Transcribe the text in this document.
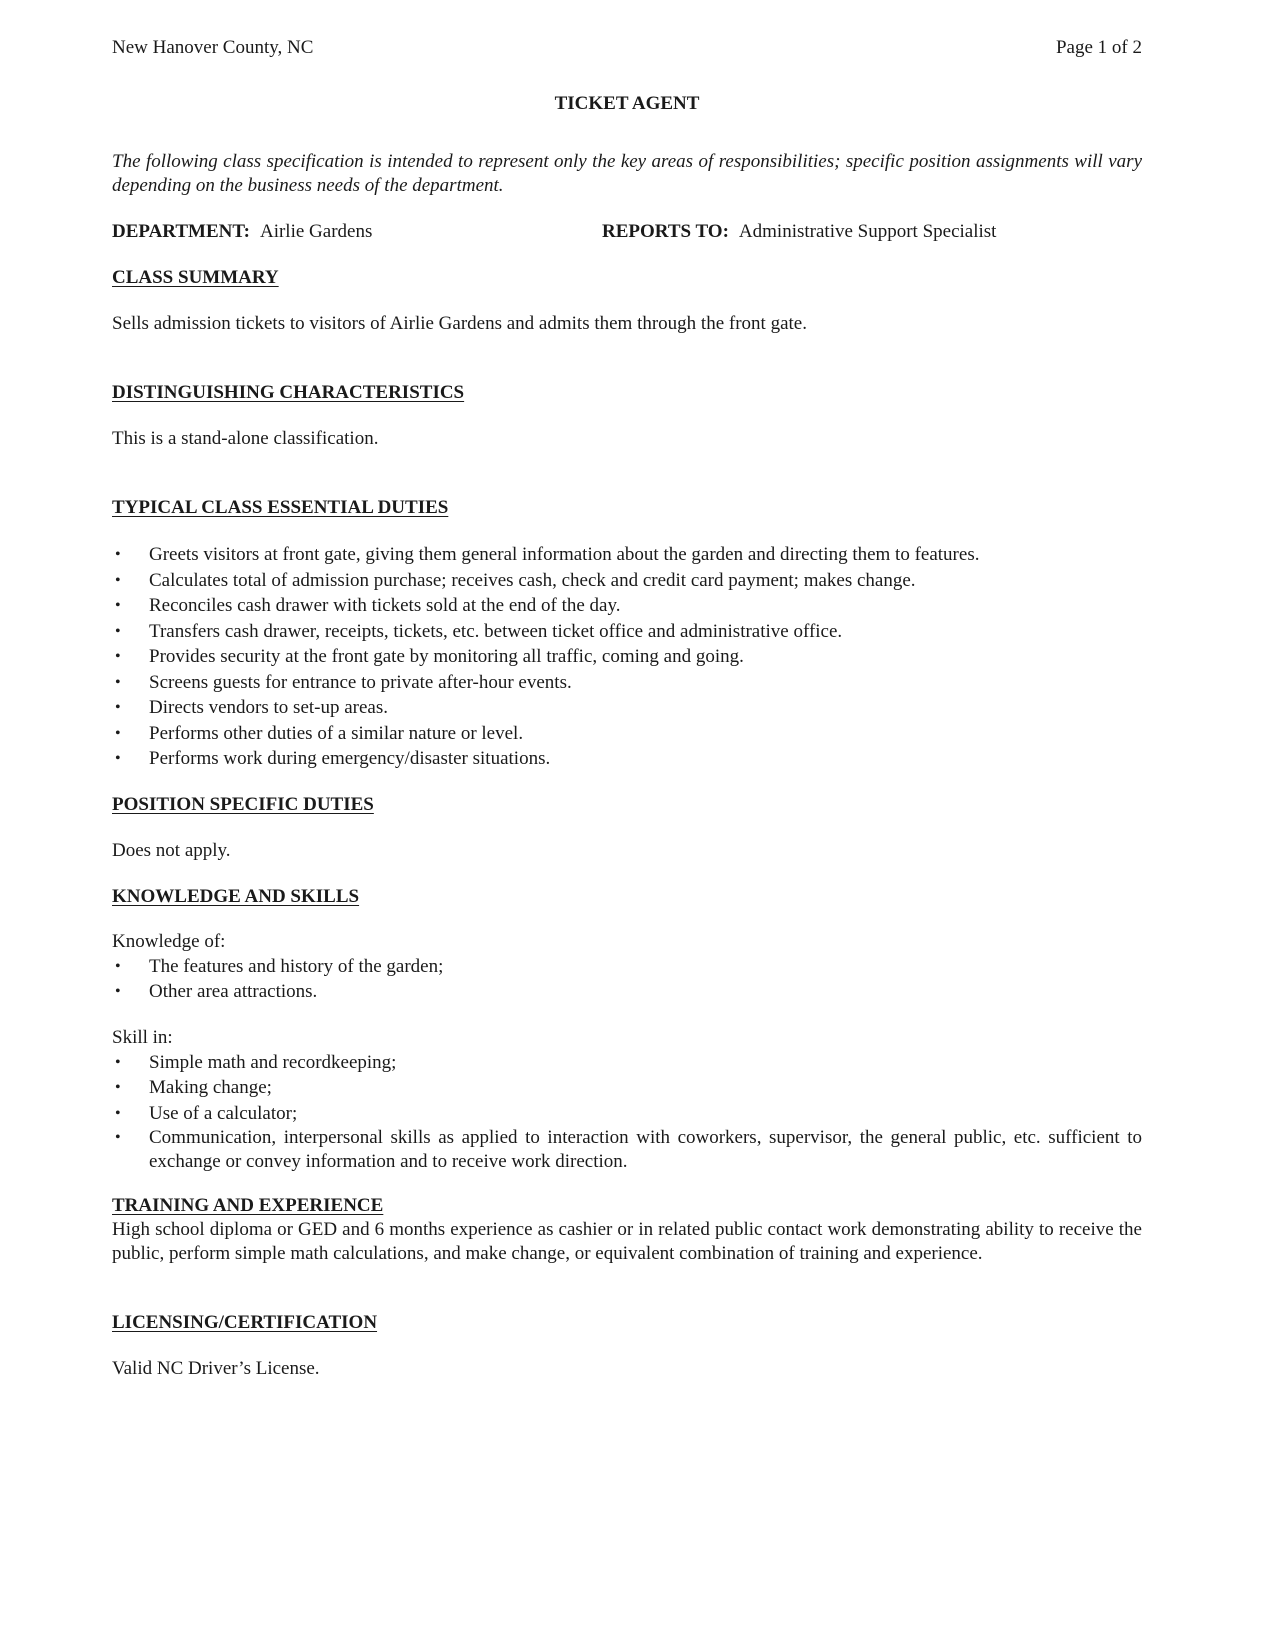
New Hanover County, NC	Page 1 of 2
TICKET AGENT
The following class specification is intended to represent only the key areas of responsibilities; specific position assignments will vary depending on the business needs of the department.
DEPARTMENT: Airlie Gardens	REPORTS TO: Administrative Support Specialist
CLASS SUMMARY

Sells admission tickets to visitors of Airlie Gardens and admits them through the front gate.

DISTINGUISHING CHARACTERISTICS

This is a stand-alone classification.

TYPICAL CLASS ESSENTIAL DUTIES
• Greets visitors at front gate, giving them general information about the garden and directing them to features.
• Calculates total of admission purchase; receives cash, check and credit card payment; makes change.
• Reconciles cash drawer with tickets sold at the end of the day.
• Transfers cash drawer, receipts, tickets, etc. between ticket office and administrative office.
• Provides security at the front gate by monitoring all traffic, coming and going.
• Screens guests for entrance to private after-hour events.
• Directs vendors to set-up areas.
• Performs other duties of a similar nature or level.
• Performs work during emergency/disaster situations.
POSITION SPECIFIC DUTIES

Does not apply.

KNOWLEDGE AND SKILLS

Knowledge of:

• The features and history of the garden;
• Other area attractions.

Skill in:

• Simple math and recordkeeping;
• Making change;
• Use of a calculator;
• Communication, interpersonal skills as applied to interaction with coworkers, supervisor, the general public, etc. sufficient to exchange or convey information and to receive work direction.
TRAINING AND EXPERIENCE

High school diploma or GED and 6 months experience as cashier or in related public contact work demonstrating ability to receive the public, perform simple math calculations, and make change, or equivalent combination of training and experience.

LICENSING/CERTIFICATION

Valid NC Driver’s License.
